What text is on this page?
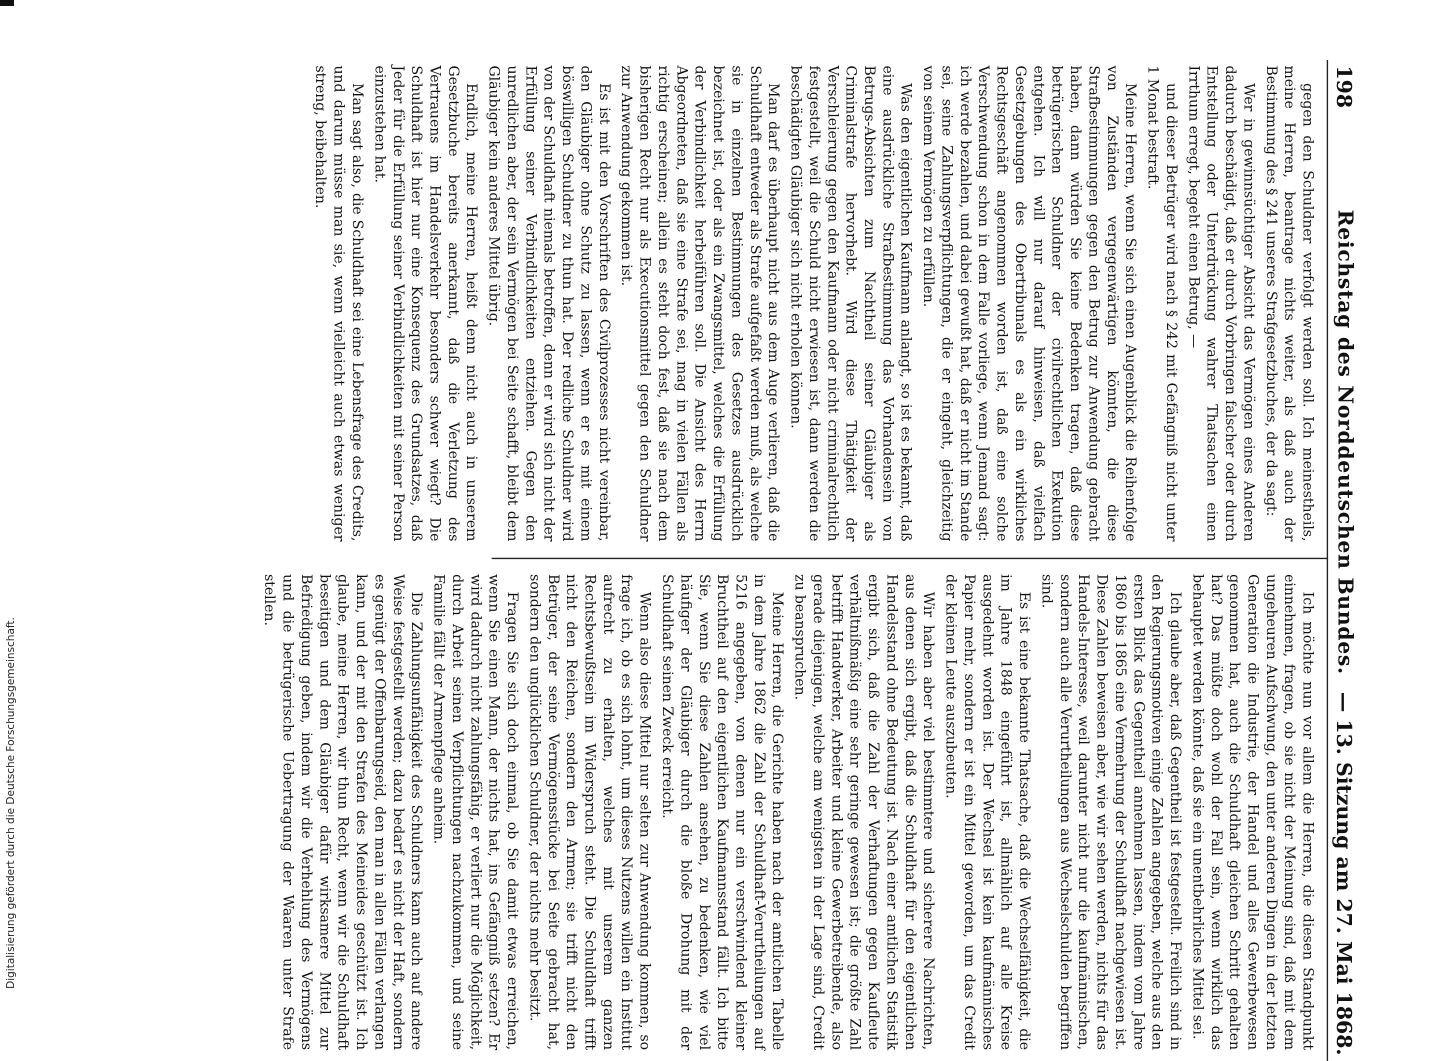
Digitalisierung gefördert durch die Deutsche Forschungsgemeinschaft.
198
Reichstag des Norddeutschen Bundes.
— 13. Sitzung am 27. Mai 1868.

gegen den Schuldner verfolgt werden soll. Ich meinestheils, meine Herren, beantrage nichts weiter, als daß auch der Bestimmung des § 241 unseres Strafgesetzbuches, der da sagt:

Wer in gewinnsüchtiger Absicht das Vermögen eines Anderen dadurch beschädigt, daß er durch Vorbringen falscher oder durch Entstellung oder Unterdrückung wahrer Thatsachen einen Irrthum erregt, begeht einen Betrug, —

und dieser Betrüger wird nach § 242 mit Gefängniß nicht unter 1 Monat bestraft.

Meine Herren, wenn Sie sich einen Augenblick die Reihenfolge von Zuständen vergegenwärtigen könnten, die diese Strafbestimmungen gegen den Betrug zur Anwendung gebracht haben, dann würden Sie keine Bedenken tragen, daß diese betrügerischen Schuldner der civilrechtlichen Exekution entgehen. Ich will nur darauf hinweisen, daß vielfach Gesetzgebungen des Obertribunals es als ein wirkliches Rechtsgeschäft angenommen worden ist, daß eine solche Verschwendung schon in dem Falle vorliege, wenn Jemand sagt: ich werde bezahlen, und dabei gewußt hat, daß er nicht im Stande sei, seine Zahlungsverpflichtungen, die er eingeht, gleichzeitig von seinem Vermögen zu erfüllen.

Was den eigentlichen Kaufmann anlangt, so ist es bekannt, daß eine ausdrückliche Strafbestimmung das Vorhandensein von Betrugs-Absichten zum Nachtheil seiner Gläubiger als Criminalstrafe hervorhebt. Wird diese Thätigkeit der Verschleierung gegen den Kaufmann oder nicht criminalrechtlich festgestellt, weil die Schuld nicht erwiesen ist, dann werden die beschädigten Gläubiger sich nicht erholen können.

Man darf es überhaupt nicht aus dem Auge verlieren, daß die Schuldhaft entweder als Strafe aufgefaßt werden muß, als welche sie in einzelnen Bestimmungen des Gesetzes ausdrücklich bezeichnet ist, oder als ein Zwangsmittel, welches die Erfüllung der Verbindlichkeit herbeiführen soll. Die Ansicht des Herrn Abgeordneten, daß sie eine Strafe sei, mag in vielen Fällen als richtig erscheinen; allein es steht doch fest, daß sie nach dem bisherigen Recht nur als Executionsmittel gegen den Schuldner zur Anwendung gekommen ist.

Es ist mit den Vorschriften des Civilprozesses nicht vereinbar, den Gläubiger ohne Schutz zu lassen, wenn er es mit einem böswilligen Schuldner zu thun hat. Der redliche Schuldner wird von der Schuldhaft niemals betroffen, denn er wird sich nicht der Erfüllung seiner Verbindlichkeiten entziehen. Gegen den unredlichen aber, der sein Vermögen bei Seite schafft, bleibt dem Gläubiger kein anderes Mittel übrig.

Endlich, meine Herren, heißt denn nicht auch in unserem Gesetzbuche bereits anerkannt, daß die Verletzung des Vertrauens im Handelsverkehr besonders schwer wiegt? Die Schuldhaft ist hier nur eine Konsequenz des Grundsatzes, daß Jeder für die Erfüllung seiner Verbindlichkeiten mit seiner Person einzustehen hat.

Man sagt also, die Schuldhaft sei eine Lebensfrage des Credits, und darum müsse man sie, wenn vielleicht auch etwas weniger streng, beibehalten.

Ich möchte nun vor allem die Herren, die diesen Standpunkt einnehmen, fragen, ob sie nicht der Meinung sind, daß mit dem ungeheuren Aufschwung, den unter anderen Dingen in der letzten Generation die Industrie, der Handel und alles Gewerbewesen genommen hat, auch die Schuldhaft gleichen Schritt gehalten hat? Das müßte doch wohl der Fall sein, wenn wirklich das behauptet werden könnte, daß sie ein unentbehrliches Mittel sei.

Ich glaube aber, daß Gegentheil ist festgestellt. Freilich sind in den Regierungsmotiven einige Zahlen angegeben, welche aus den ersten Blick das Gegentheil annehmen lassen, indem vom Jahre 1860 bis 1865 eine Vermehrung der Schuldhaft nachgewiesen ist. Diese Zahlen beweisen aber, wie wir sehen werden, nichts für das Handels-Interesse, weil darunter nicht nur die kaufmännischen, sondern auch alle Verurtheilungen aus Wechselschulden begriffen sind.

Es ist eine bekannte Thatsache, daß die Wechselfähigkeit, die im Jahre 1848 eingeführt ist, allmählich auf alle Kreise ausgedehnt worden ist. Der Wechsel ist kein kaufmännisches Papier mehr, sondern er ist ein Mittel geworden, um das Credit der kleinen Leute auszubeuten.

Wir haben aber viel bestimmtere und sicherere Nachrichten, aus denen sich ergibt, daß die Schuldhaft für den eigentlichen Handelsstand ohne Bedeutung ist. Nach einer amtlichen Statistik ergibt sich, daß die Zahl der Verhaftungen gegen Kaufleute verhältnißmäßig eine sehr geringe gewesen ist; die größte Zahl betrifft Handwerker, Arbeiter und kleine Gewerbetreibende, also gerade diejenigen, welche am wenigsten in der Lage sind, Credit zu beanspruchen.

Meine Herren, die Gerichte haben nach der amtlichen Tabelle in dem Jahre 1862 die Zahl der Schuldhaft-Verurtheilungen auf 5216 angegeben, von denen nur ein verschwindend kleiner Bruchtheil auf den eigentlichen Kaufmannsstand fällt. Ich bitte Sie, wenn Sie diese Zahlen ansehen, zu bedenken, wie viel häufiger der Gläubiger durch die bloße Drohung mit der Schuldhaft seinen Zweck erreicht.

Wenn also diese Mittel nur selten zur Anwendung kommen, so frage ich, ob es sich lohnt, um dieses Nutzens willen ein Institut aufrecht zu erhalten, welches mit unserem ganzen Rechtsbewußtsein im Widerspruch steht. Die Schuldhaft trifft nicht den Reichen, sondern den Armen; sie trifft nicht den Betrüger, der seine Vermögensstücke bei Seite gebracht hat, sondern den unglücklichen Schuldner, der nichts mehr besitzt.

Fragen Sie sich doch einmal, ob Sie damit etwas erreichen, wenn Sie einen Mann, der nichts hat, ins Gefängniß setzen? Er wird dadurch nicht zahlungsfähig, er verliert nur die Möglichkeit, durch Arbeit seinen Verpflichtungen nachzukommen, und seine Familie fällt der Armenpflege anheim.

Die Zahlungsunfähigkeit des Schuldners kann auch auf andere Weise festgestellt werden; dazu bedarf es nicht der Haft, sondern es genügt der Offenbarungseid, den man in allen Fällen verlangen kann, und der mit den Strafen des Meineides geschützt ist. Ich glaube, meine Herren, wir thun Recht, wenn wir die Schuldhaft beseitigen und dem Gläubiger dafür wirksamere Mittel zur Befriedigung geben, indem wir die Verhehlung des Vermögens und die betrügerische Uebertragung der Waaren unter Strafe stellen.
